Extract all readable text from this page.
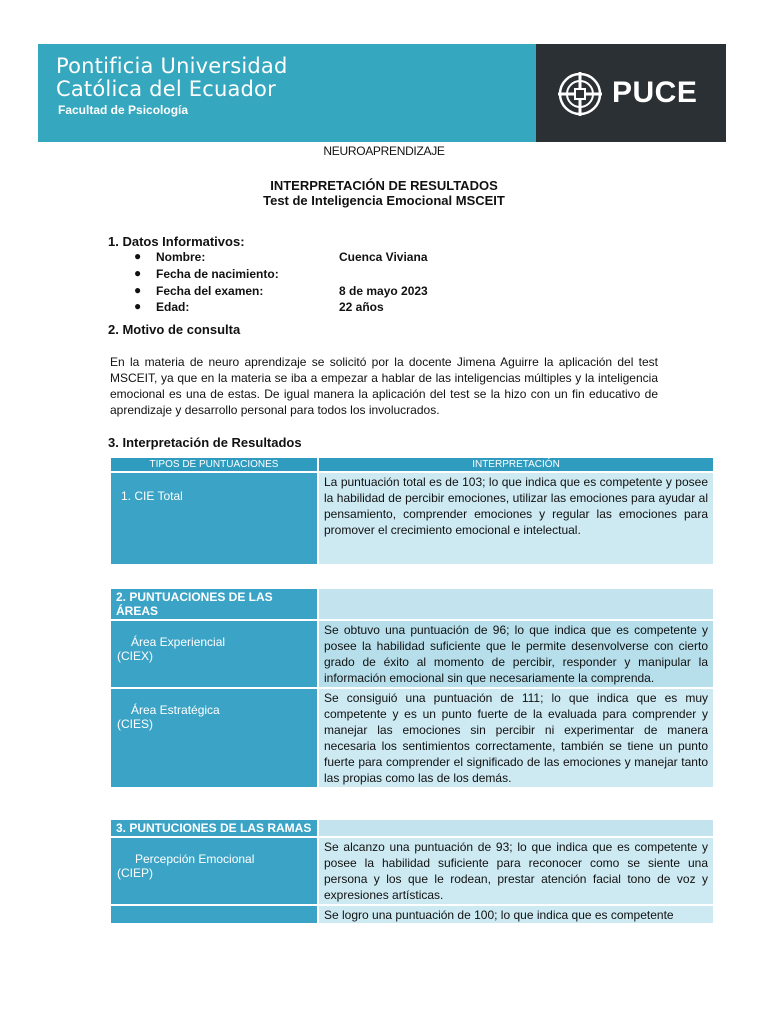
Pontificia Universidad
Católica del Ecuador
Facultad de Psicología
PUCE
NEUROAPRENDIZAJE
INTERPRETACIÓN DE RESULTADOS
Test de Inteligencia Emocional MSCEIT
1. Datos Informativos:
● Nombre:	Cuenca Viviana
● Fecha de nacimiento:
● Fecha del examen:	8 de mayo 2023
● Edad:	22 años
2. Motivo de consulta
En la materia de neuro aprendizaje se solicitó por la docente Jimena Aguirre la aplicación del test MSCEIT, ya que en la materia se iba a empezar a hablar de las inteligencias múltiples y la inteligencia emocional es una de estas. De igual manera la aplicación del test se la hizo con un fin educativo de aprendizaje y desarrollo personal para todos los involucrados.
3. Interpretación de Resultados
TIPOS DE PUNTUACIONES	INTERPRETACIÓN
1. CIE Total	La puntuación total es de 103; lo que indica que es competente y posee la habilidad de percibir emociones, utilizar las emociones para ayudar al pensamiento, comprender emociones y regular las emociones para promover el crecimiento emocional e intelectual.
2. PUNTUACIONES DE LAS ÁREAS	

Área Experiencial
(CIEX)	Se obtuvo una puntuación de 96; lo que indica que es competente y posee la habilidad suficiente que le permite desenvolverse con cierto grado de éxito al momento de percibir, responder y manipular la información emocional sin que necesariamente la comprenda.

Área Estratégica
(CIES)	Se consiguió una puntuación de 111; lo que indica que es muy competente y es un punto fuerte de la evaluada para comprender y manejar las emociones sin percibir ni experimentar de manera necesaria los sentimientos correctamente, también se tiene un punto fuerte para comprender el significado de las emociones y manejar tanto las propias como las de los demás.
3. PUNTUCIONES DE LAS RAMAS	

Percepción Emocional
(CIEP)	Se alcanzo una puntuación de 93; lo que indica que es competente y posee la habilidad suficiente para reconocer como se siente una persona y los que le rodean, prestar atención facial tono de voz y expresiones artísticas.
	Se logro una puntuación de 100; lo que indica que es competente
